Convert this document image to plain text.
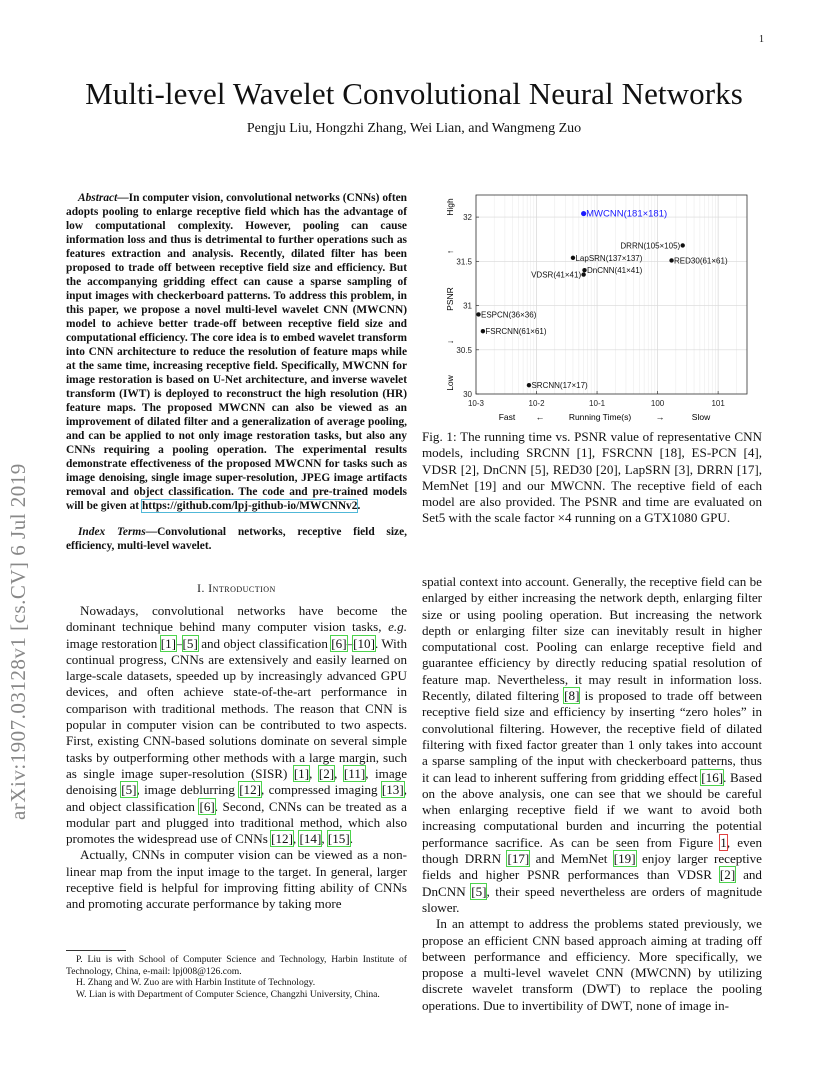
1
arXiv:1907.03128v1 [cs.CV] 6 Jul 2019
Multi-level Wavelet Convolutional Neural Networks
Pengju Liu, Hongzhi Zhang, Wei Lian, and Wangmeng Zuo

Abstract—In computer vision, convolutional networks (CNNs) often adopts pooling to enlarge receptive field which has the advantage of low computational complexity. However, pooling can cause information loss and thus is detrimental to further operations such as features extraction and analysis. Recently, dilated filter has been proposed to trade off between receptive field size and efficiency. But the accompanying gridding effect can cause a sparse sampling of input images with checkerboard patterns. To address this problem, in this paper, we propose a novel multi-level wavelet CNN (MWCNN) model to achieve better trade-off between receptive field size and computational efficiency. The core idea is to embed wavelet transform into CNN architecture to reduce the resolution of feature maps while at the same time, increasing receptive field. Specifically, MWCNN for image restoration is based on U-Net architecture, and inverse wavelet transform (IWT) is deployed to reconstruct the high resolution (HR) feature maps. The proposed MWCNN can also be viewed as an improvement of dilated filter and a generalization of average pooling, and can be applied to not only image restoration tasks, but also any CNNs requiring a pooling operation. The experimental results demonstrate effectiveness of the proposed MWCNN for tasks such as image denoising, single image super-resolution, JPEG image artifacts removal and object classification. The code and pre-trained models will be given at https://github.com/lpj-github-io/MWCNNv2.

Index Terms—Convolutional networks, receptive field size, efficiency, multi-level wavelet.

I. Introduction

Nowadays, convolutional networks have become the dominant technique behind many computer vision tasks, e.g. image restoration [1]–[5] and object classification [6]–[10]. With continual progress, CNNs are extensively and easily learned on large-scale datasets, speeded up by increasingly advanced GPU devices, and often achieve state-of-the-art performance in comparison with traditional methods. The reason that CNN is popular in computer vision can be contributed to two aspects. First, existing CNN-based solutions dominate on several simple tasks by outperforming other methods with a large margin, such as single image super-resolution (SISR) [1], [2], [11], image denoising [5], image deblurring [12], compressed imaging [13], and object classification [6]. Second, CNNs can be treated as a modular part and plugged into traditional method, which also promotes the widespread use of CNNs [12], [14], [15].

Actually, CNNs in computer vision can be viewed as a non-linear map from the input image to the target. In general, larger receptive field is helpful for improving fitting ability of CNNs and promoting accurate performance by taking more

P. Liu is with School of Computer Science and Technology, Harbin Institute of Technology, China, e-mail: lpj008@126.com.

H. Zhang and W. Zuo are with Harbin Institute of Technology.

W. Lian is with Department of Computer Science, Changzhi University, China.

10-3	10-2	10-1	100	101
30
30.5
31
31.5
32
Fast ←	Running Time(s)	→	Slow
High
↑
PSNR
↓
Low
MWCNN(181×181)
DRRN(105×105)
LapSRN(137×137)	RED30(61×61)
VDSR(41×41) DnCNN(41×41)
ESPCN(36×36)
FSRCNN(61×61)
SRCNN(17×17)

Fig. 1: The running time vs. PSNR value of representative CNN models, including SRCNN [1], FSRCNN [18], ES-PCN [4], VDSR [2], DnCNN [5], RED30 [20], LapSRN [3], DRRN [17], MemNet [19] and our MWCNN. The receptive field of each model are also provided. The PSNR and time are evaluated on Set5 with the scale factor ×4 running on a GTX1080 GPU.

spatial context into account. Generally, the receptive field can be enlarged by either increasing the network depth, enlarging filter size or using pooling operation. But increasing the network depth or enlarging filter size can inevitably result in higher computational cost. Pooling can enlarge receptive field and guarantee efficiency by directly reducing spatial resolution of feature map. Nevertheless, it may result in information loss. Recently, dilated filtering [8] is proposed to trade off between receptive field size and efficiency by inserting “zero holes” in convolutional filtering. However, the receptive field of dilated filtering with fixed factor greater than 1 only takes into account a sparse sampling of the input with checkerboard patterns, thus it can lead to inherent suffering from gridding effect [16]. Based on the above analysis, one can see that we should be careful when enlarging receptive field if we want to avoid both increasing computational burden and incurring the potential performance sacrifice. As can be seen from Figure 1, even though DRRN [17] and MemNet [19] enjoy larger receptive fields and higher PSNR performances than VDSR [2] and DnCNN [5], their speed nevertheless are orders of magnitude slower.

In an attempt to address the problems stated previously, we propose an efficient CNN based approach aiming at trading off between performance and efficiency. More specifically, we propose a multi-level wavelet CNN (MWCNN) by utilizing discrete wavelet transform (DWT) to replace the pooling operations. Due to invertibility of DWT, none of image in-
